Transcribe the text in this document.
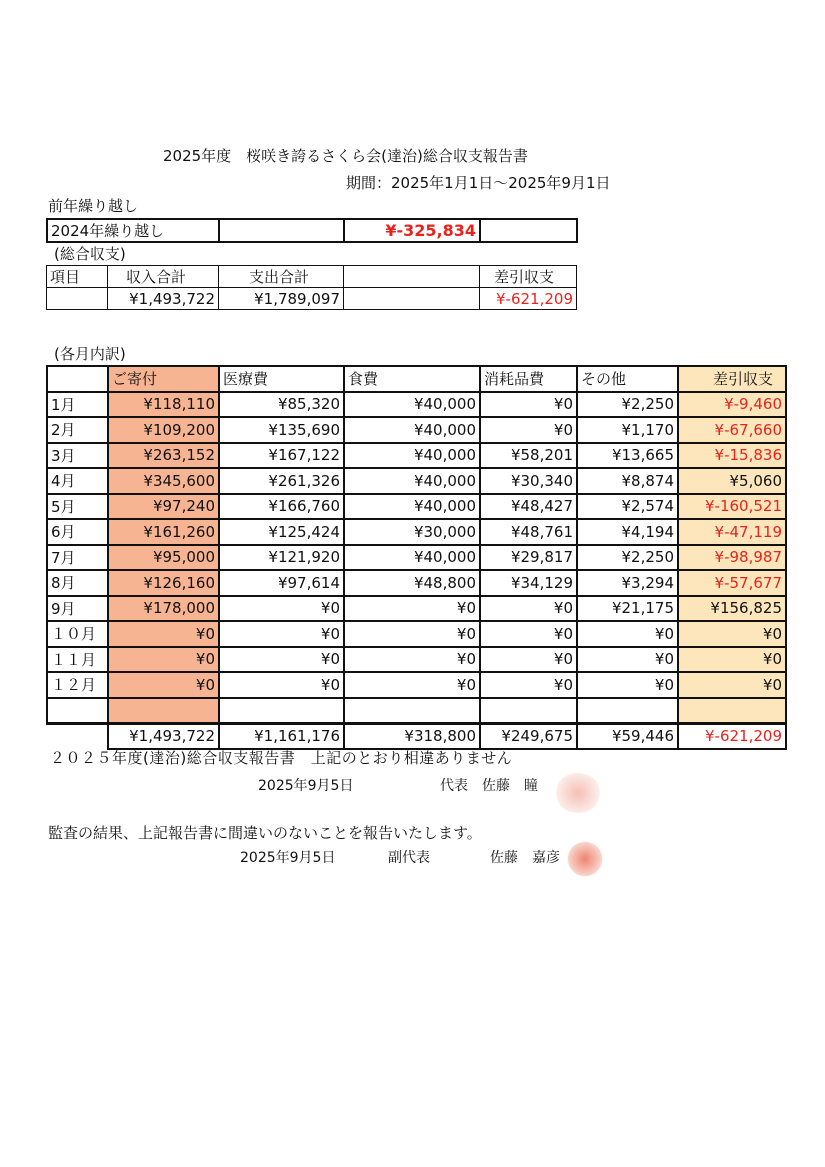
2025年度　桜咲き誇るさくら会(達治)総合収支報告書
期間：2025年1月1日～2025年9月1日
前年繰り越し
2024年繰り越し		¥-325,834	
(総合収支)
項目	収入合計	支出合計		差引収支
	¥1,493,722	¥1,789,097		¥-621,209
(各月内訳)
	ご寄付	医療費	食費	消耗品費	その他	差引収支
1月	¥118,110	¥85,320	¥40,000	¥0	¥2,250	¥-9,460
2月	¥109,200	¥135,690	¥40,000	¥0	¥1,170	¥-67,660
3月	¥263,152	¥167,122	¥40,000	¥58,201	¥13,665	¥-15,836
4月	¥345,600	¥261,326	¥40,000	¥30,340	¥8,874	¥5,060
5月	¥97,240	¥166,760	¥40,000	¥48,427	¥2,574	¥-160,521
6月	¥161,260	¥125,424	¥30,000	¥48,761	¥4,194	¥-47,119
7月	¥95,000	¥121,920	¥40,000	¥29,817	¥2,250	¥-98,987
8月	¥126,160	¥97,614	¥48,800	¥34,129	¥3,294	¥-57,677
9月	¥178,000	¥0	¥0	¥0	¥21,175	¥156,825
１０月	¥0	¥0	¥0	¥0	¥0	¥0
１１月	¥0	¥0	¥0	¥0	¥0	¥0
１２月	¥0	¥0	¥0	¥0	¥0	¥0

	¥1,493,722	¥1,161,176	¥318,800	¥249,675	¥59,446	¥-621,209
２０２５年度(達治)総合収支報告書　上記のとおり相違ありません
2025年9月5日	代表　佐藤　瞳
監査の結果、上記報告書に間違いのないことを報告いたします。
2025年9月5日	副代表	佐藤　嘉彦
